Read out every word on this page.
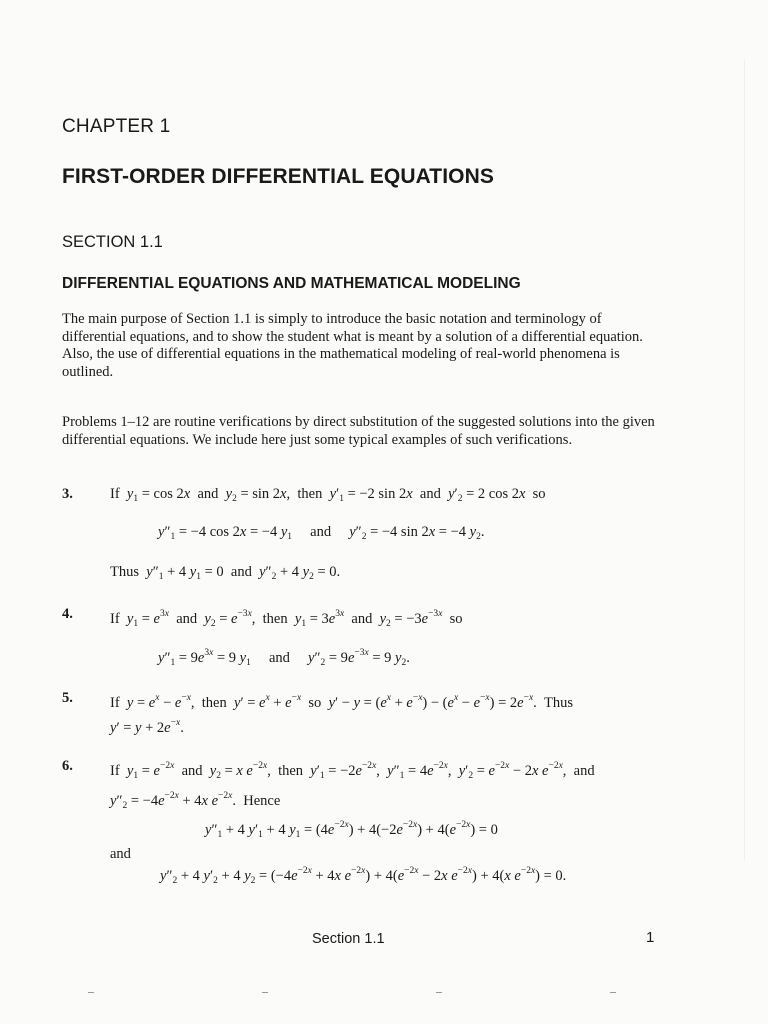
CHAPTER 1
FIRST-ORDER DIFFERENTIAL EQUATIONS
SECTION 1.1
DIFFERENTIAL EQUATIONS AND MATHEMATICAL MODELING
The main purpose of Section 1.1 is simply to introduce the basic notation and terminology of differential equations, and to show the student what is meant by a solution of a differential equation. Also, the use of differential equations in the mathematical modeling of real-world phenomena is outlined.
Problems 1–12 are routine verifications by direct substitution of the suggested solutions into the given differential equations. We include here just some typical examples of such verifications.
3.	If $y_1 = \cos 2x$ and $y_2 = \sin 2x$,  then $y'_1 = -2$ sin 2x and $y'_2 = 2$ cos 2x so
$y''_1 = -4$ cos 2x = −4 $y_1$ and $y''_2 = -4$ sin 2x = −4 $y_2$.
Thus $y''_1 + 4$ $y_1 = 0$  and $y''_2 + 4$ $y_2 = 0$.
4.	If $y_1 = e^{3x}$ and $y_2 = e^{-3x}$,  then $y_1 = 3e^{3x}$ and $y_2 = -3e^{-3x}$ so
$y''_1 = 9e^{3x} = 9$ $y_1$ and $y''_2 = 9e^{-3x} = 9$ $y_2$.
5.	If $y = e^x - e^{-x}$,  then $y' = e^x + e^{-x}$ so $y' - y = (e^x + e^{-x}) - (e^x - e^{-x}) = 2e^{-x}$.  Thus
$y' = y + 2e^{-x}$.
6.	If $y_1 = e^{-2x}$ and $y_2 = x$ $e^{-2x}$,  then $y'_1 = -2e^{-2x}$,  $y''_1 = 4e^{-2x}$,  $y'_2 = e^{-2x} - 2x$ $e^{-2x}$,  and
$y''_2 = -4e^{-2x} + 4x$ $e^{-2x}$.  Hence
$y''_1 + 4$ $y'_1 + 4$ $y_1 = (4e^{-2x}) + 4(-2e^{-2x}) + 4(e^{-2x}) = 0$
and
$y''_2 + 4$ $y'_2 + 4$ $y_2 = (-4e^{-2x} + 4x$ $e^{-2x}) + 4(e^{-2x} - 2x$ $e^{-2x}) + 4(x$ $e^{-2x}) = 0$.
Section 1.1	1
